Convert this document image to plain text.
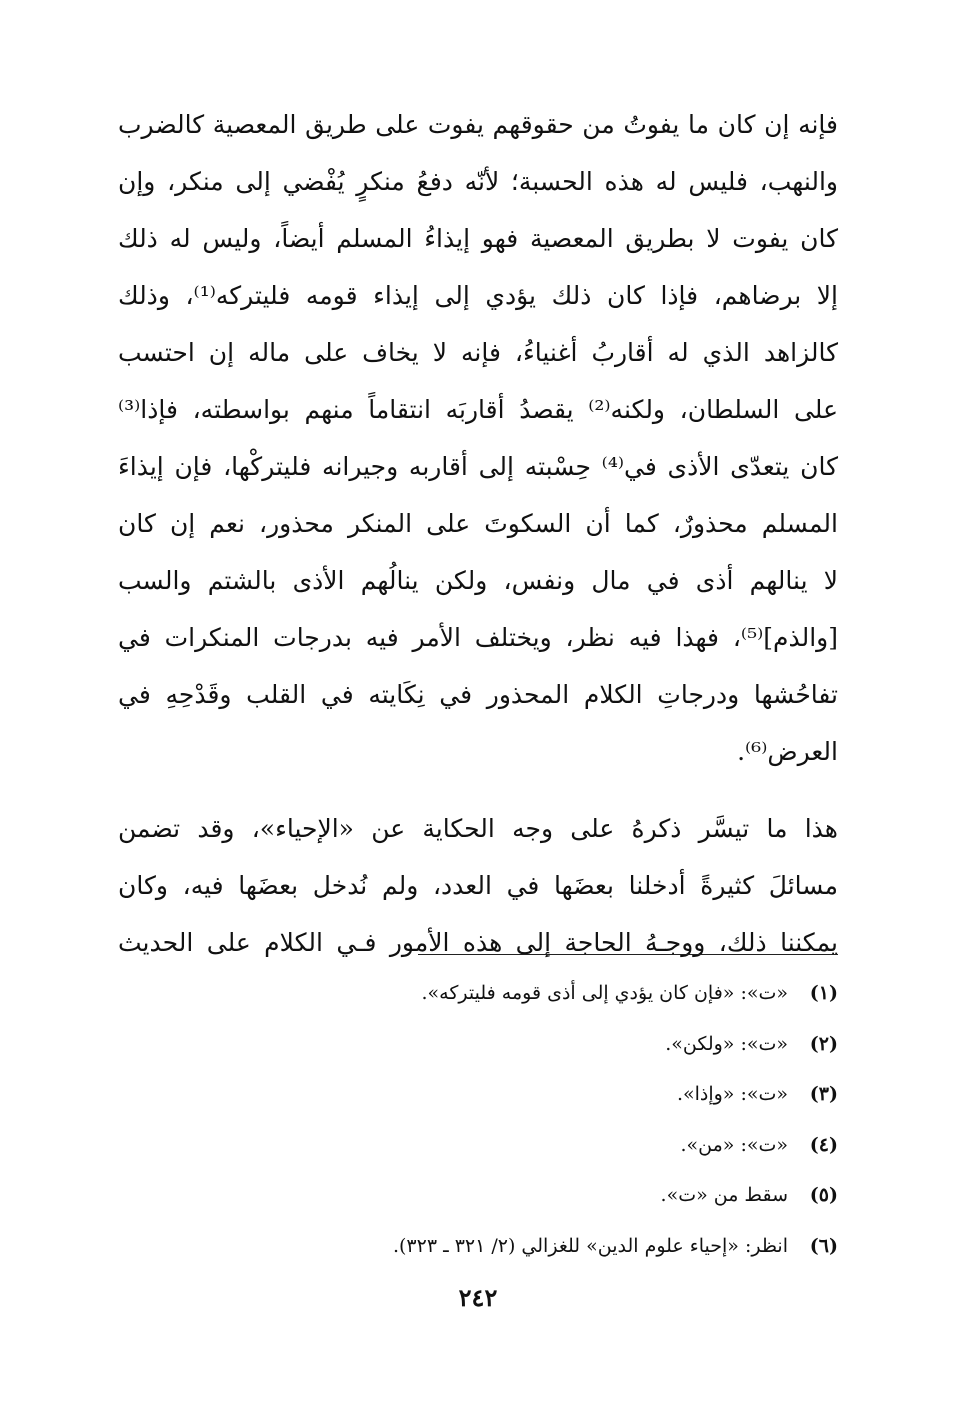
فإنه إن كان ما يفوتُ من حقوقهم يفوت على طريق المعصية كالضرب
والنهب، فليس له هذه الحسبة؛ لأنّه دفعُ منكرٍ يُفْضي إلى منكر، وإن
كان يفوت لا بطريق المعصية فهو إيذاءُ المسلم أيضاً، وليس له ذلك
إلا برضاهم، فإذا كان ذلك يؤدي إلى إيذاء قومه فليتركه⁽¹⁾، وذلك
كالزاهد الذي له أقاربُ أغنياءُ، فإنه لا يخاف على ماله إن احتسب
على السلطان، ولكنه⁽²⁾ يقصدُ أقاربَه انتقاماً منهم بواسطته، فإذا⁽³⁾
كان يتعدّى الأذى في⁽⁴⁾ حِسْبته إلى أقاربه وجيرانه فليتركْها، فإن إيذاءَ
المسلم محذورٌ، كما أن السكوتَ على المنكر محذور، نعم إن كان
لا ينالهم أذى في مال ونفس، ولكن ينالُهم الأذى بالشتم والسب
[والذم]⁽⁵⁾، فهذا فيه نظر، ويختلف الأمر فيه بدرجات المنكرات في
تفاحُشها ودرجاتِ الكلام المحذور في نِكَايته في القلب وقَدْحِهِ في
العرض⁽⁶⁾.
هذا ما تيسَّر ذكرهُ على وجه الحكاية عن «الإحياء»، وقد تضمن
مسائلَ كثيرةً أدخلنا بعضَها في العدد، ولم نُدخل بعضَها فيه، وكان
يمكننا ذلك، ووجـهُ الحاجة إلى هذه الأمور فـي الكلام على الحديث
(١)
«ت»: «فإن كان يؤدي إلى أذى قومه فليتركه».
(٢)
«ت»: «ولكن».
(٣)
«ت»: «وإذا».
(٤)
«ت»: «من».
(٥)
سقط من «ت».
(٦)
انظر: «إحياء علوم الدين» للغزالي (٢/ ٣٢١ ـ ٣٢٣).
٢٤٢
